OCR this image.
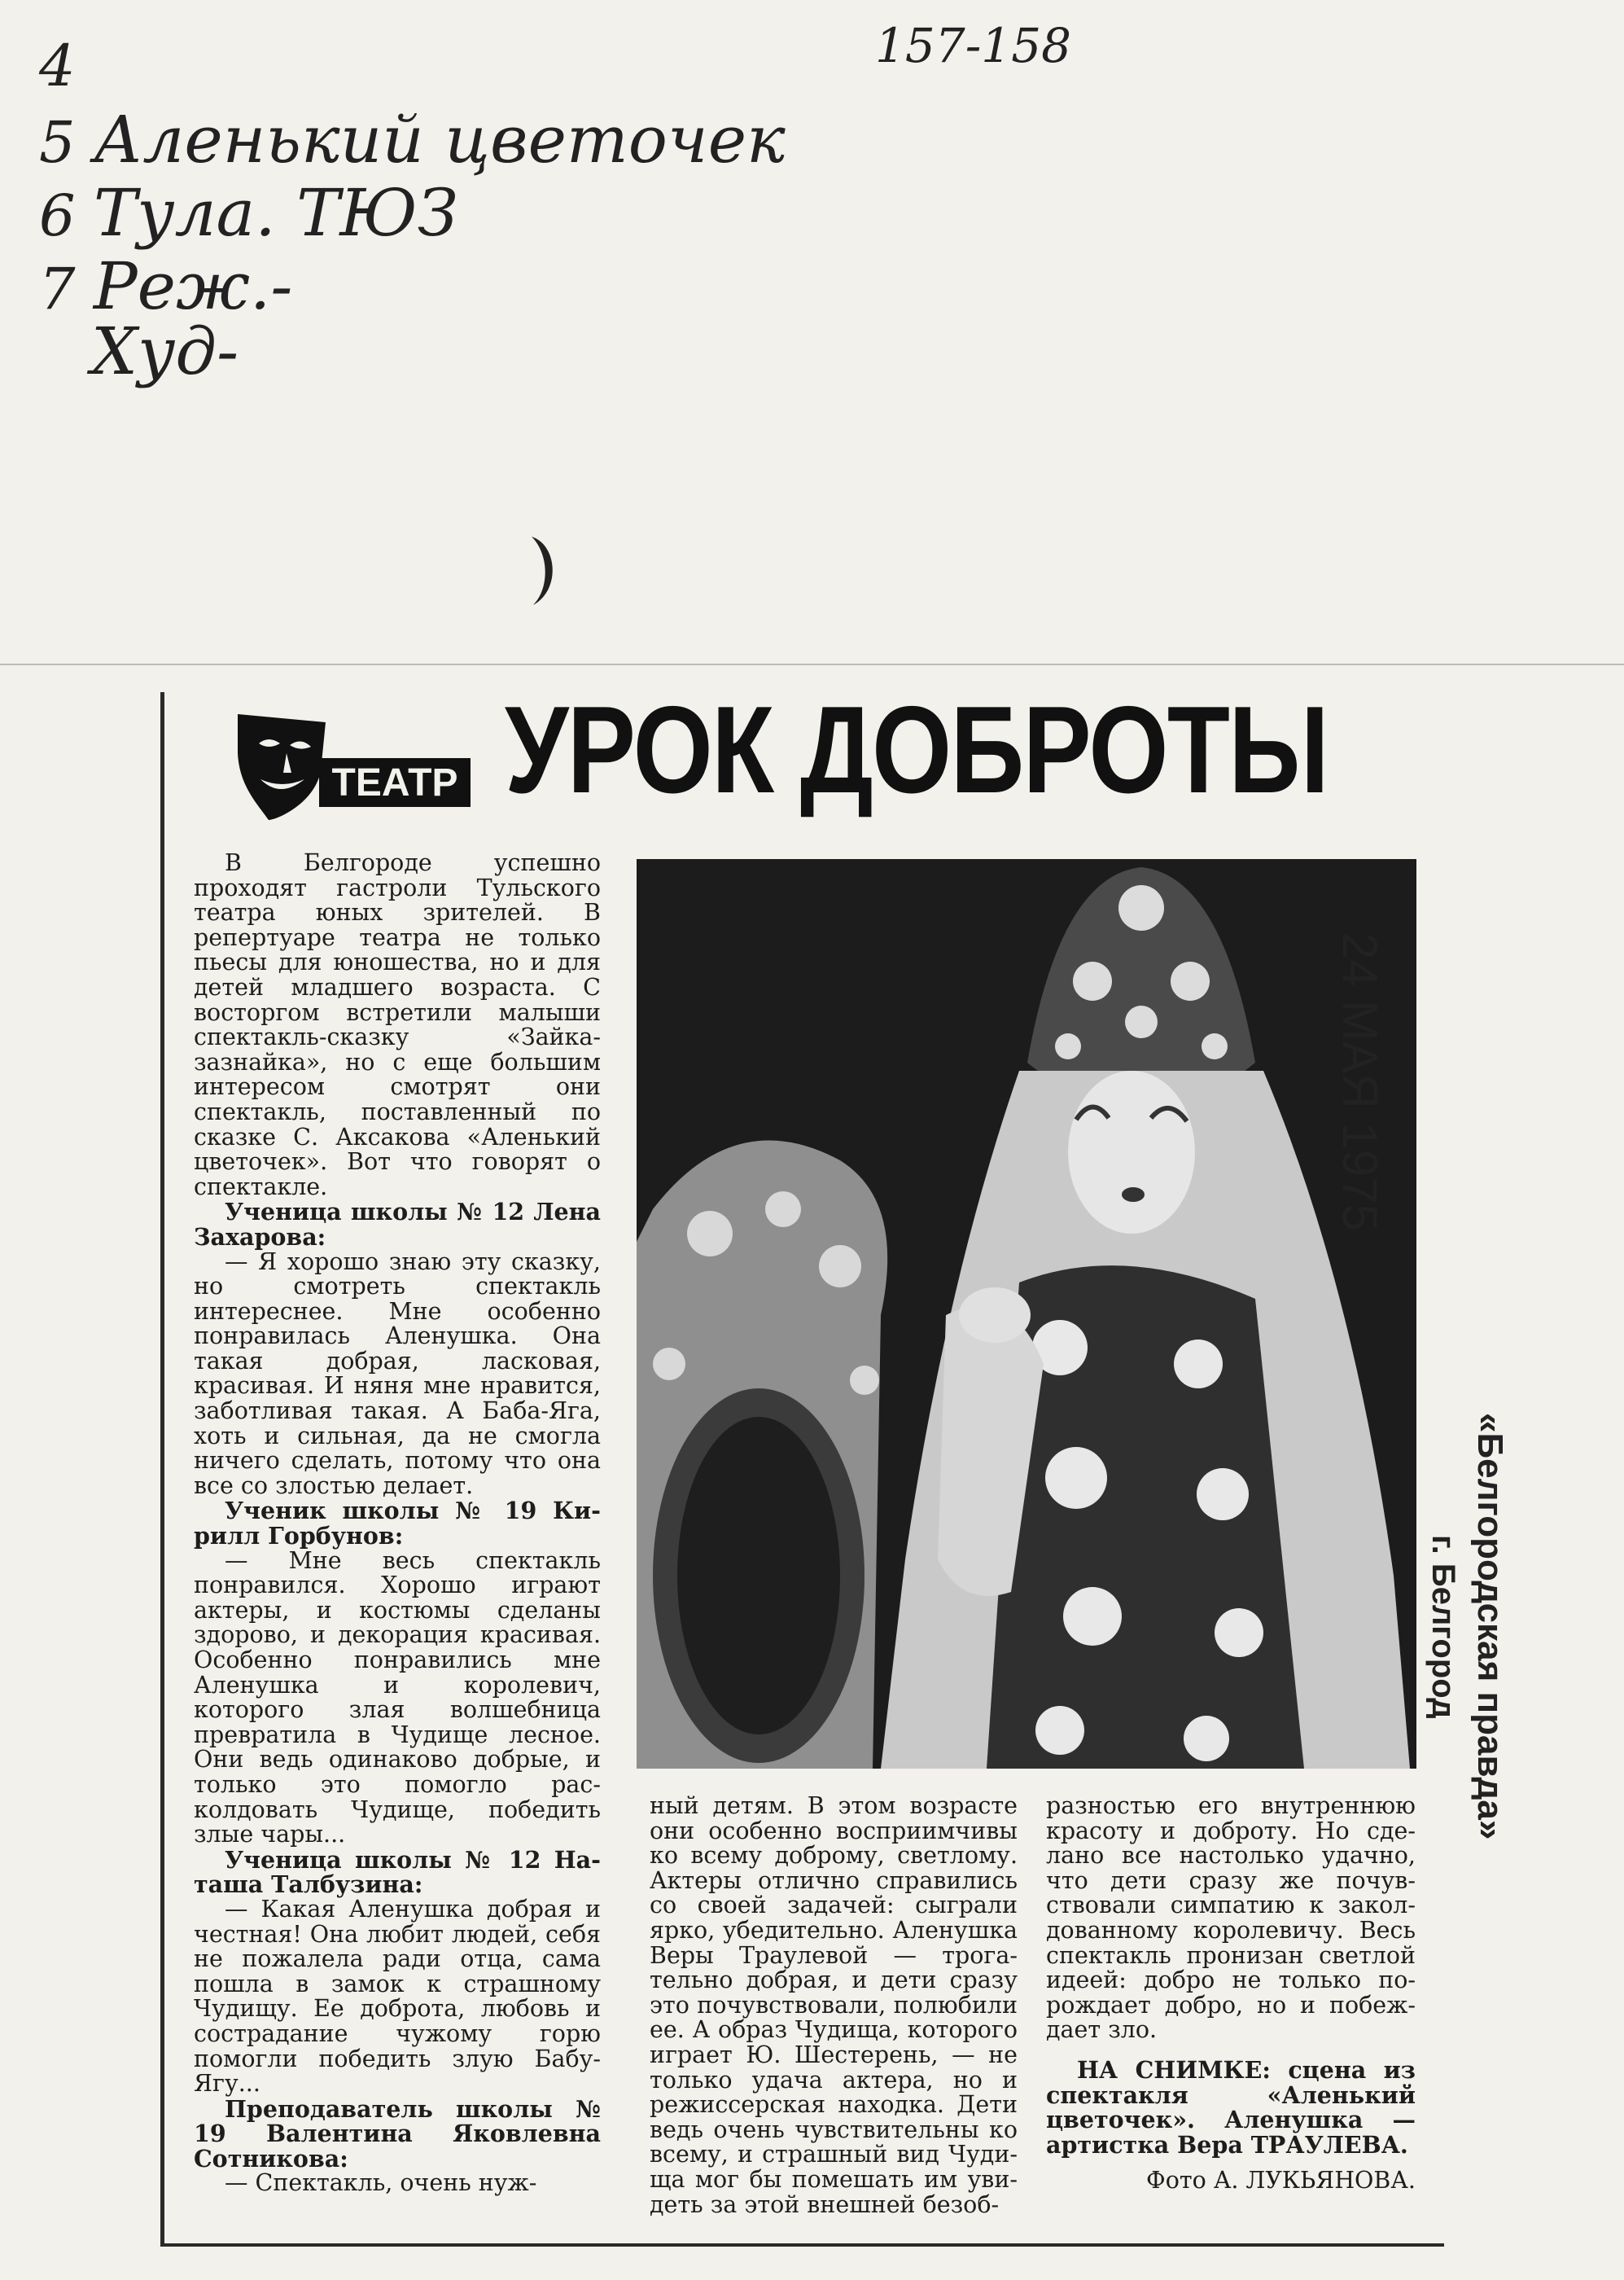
157-158
4
5 Аленький цветочек
6 Тула. ТЮЗ
7 Реж.-
Худ-
ТЕАТР УРОК ДОБРОТЫ

В Белгороде успешно проходят гастроли Тульского театра юных зрителей. В репертуаре театра не только пьесы для юношества, но и для детей младшего возраста. С восторгом встретили малыши спектакль-сказку «Зайка-зазнайка», но с еще большим интересом смотрят они спектакль, поставленный по сказке С. Аксакова «Аленький цветочек». Вот что говорят о спектакле.

Ученица школы № 12 Лена Захарова:

— Я хорошо знаю эту сказку, но смотреть спектакль интереснее. Мне особенно понравилась Аленушка. Она такая добрая, ласковая, красивая. И няня мне нравится, заботливая такая. А Баба-Яга, хоть и сильная, да не смогла ничего сделать, потому что она все со злостью делает.

Ученик школы № 19 Кирилл Горбунов:

— Мне весь спектакль понравился. Хорошо играют актеры, и костюмы сделаны здорово, и декорация красивая. Особенно понравились мне Аленушка и королевич, которого злая волшебница превратила в Чудище лесное. Они ведь одинаково добрые, и только это помогло расколдовать Чудище, победить злые чары...

Ученица школы № 12 Наташа Талбузина:

— Какая Аленушка добрая и честная! Она любит людей, себя не пожалела ради отца, сама пошла в замок к страшному Чудищу. Ее доброта, любовь и сострадание чужому горю помогли победить злую Бабу-Ягу...

Преподаватель школы № 19 Валентина Яковлевна Сотникова:

— Спектакль, очень нуж-

ный детям. В этом возрасте они особенно восприимчивы ко всему доброму, светлому. Актеры отлично справились со своей задачей: сыграли ярко, убедительно. Аленушка Веры Траулевой — трогательно добрая, и дети сразу это почувствовали, полюбили ее. А образ Чудища, которого играет Ю. Шестерень, — не только удача актера, но и режиссерская находка. Дети ведь очень чувствительны ко всему, и страшный вид Чудища мог бы помешать им увидеть за этой внешней безоб-

разностью его внутреннюю красоту и доброту. Но сделано все настолько удачно, что дети сразу же почувствовали симпатию к заколдованному королевичу. Весь спектакль пронизан светлой идеей: добро не только порождает добро, но и побеждает зло.

НА СНИМКЕ: сцена из спектакля «Аленький цветочек». Аленушка — артистка Вера ТРАУЛЕВА.

Фото А. ЛУКЬЯНОВА.

24 МАЯ 1975
«Белгородская правда»
г. Белгород
